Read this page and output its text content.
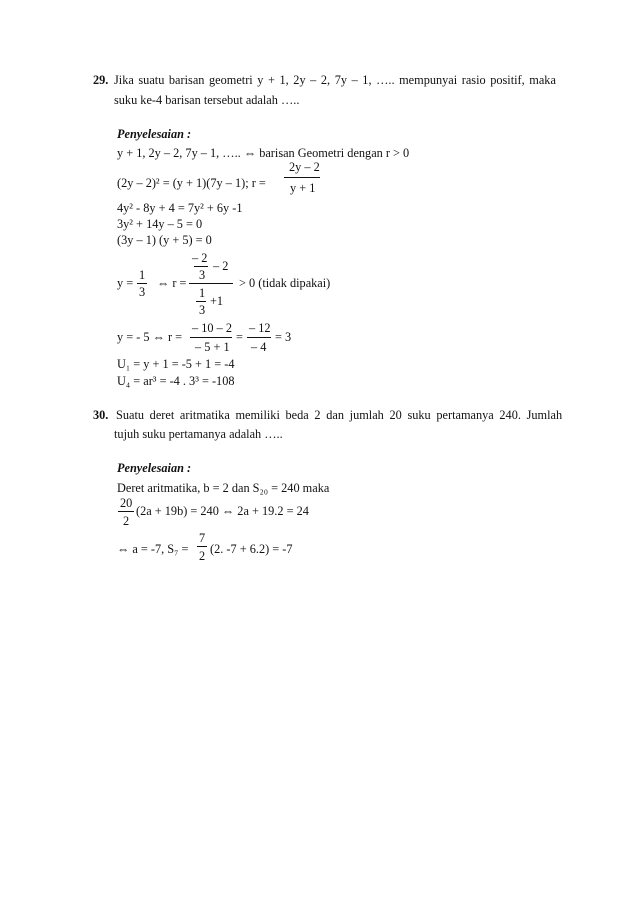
29. Jika suatu barisan geometri y + 1, 2y – 2, 7y – 1, ….. mempunyai rasio positif, maka
suku ke-4 barisan tersebut adalah …..
Penyelesaian :
y + 1, 2y – 2, 7y – 1, ….. ⇔ barisan Geometri dengan r > 0
(2y – 2)² = (y + 1)(7y – 1); r =
2y – 2
y + 1
4y² - 8y + 4 = 7y² + 6y -1
3y² + 14y – 5 = 0
(3y – 1) (y + 5) = 0
y =
1
3
⇔ r =
– 2
3
– 2
1
3
+1
> 0 (tidak dipakai)
y = - 5 ⇔ r =
– 10 – 2
– 5 + 1
=
– 12
– 4
= 3
U₁ = y + 1 = -5 + 1 = -4
U₄ = ar³ = -4 . 3³ = -108
30. Suatu deret aritmatika memiliki beda 2 dan jumlah 20 suku pertamanya 240. Jumlah
tujuh suku pertamanya adalah …..
Penyelesaian :
Deret aritmatika, b = 2 dan S₂₀ = 240 maka
20
2
(2a + 19b) = 240 ⇔ 2a + 19.2 = 24
⇔ a = -7, S₇ =
7
2 (2. -7 + 6.2) = -7
